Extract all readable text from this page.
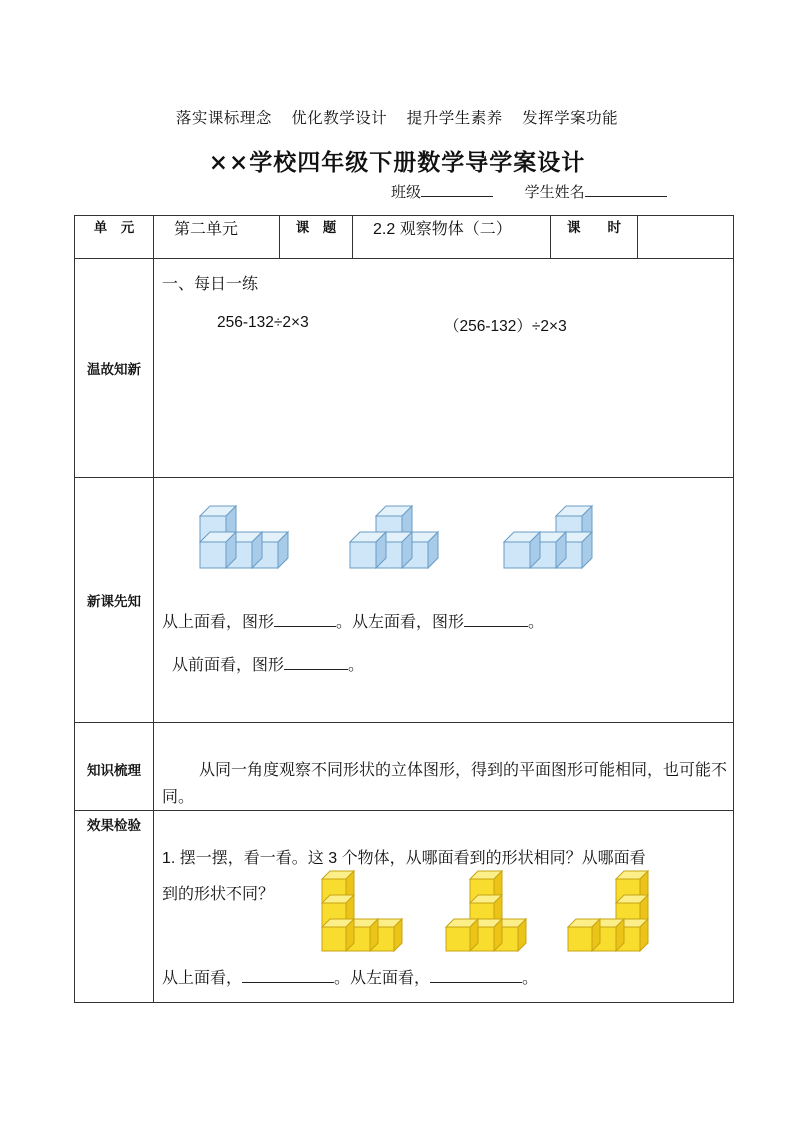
落实课标理念 优化教学设计 提升学生素养 发挥学案功能
××学校四年级下册数学导学案设计
班级	学生姓名
单　元	第二单元	课　题	2.2 观察物体（二）	课　　时	
温故知新	一、每日一练
256-132÷2×3 （256-132）÷2×3				

新课先知	从上面看，图形 。从左面看，图形 。
从前面看，图形 。				

知识梳理	从同一角度观察不同形状的立体图形，得到的平面图形可能相同，也可能不同。				

效果检验	1. 摆一摆，看一看。这 3 个物体，从哪面看到的形状相同？从哪面看
到的形状不同？
从上面看， 。从左面看， 。				
